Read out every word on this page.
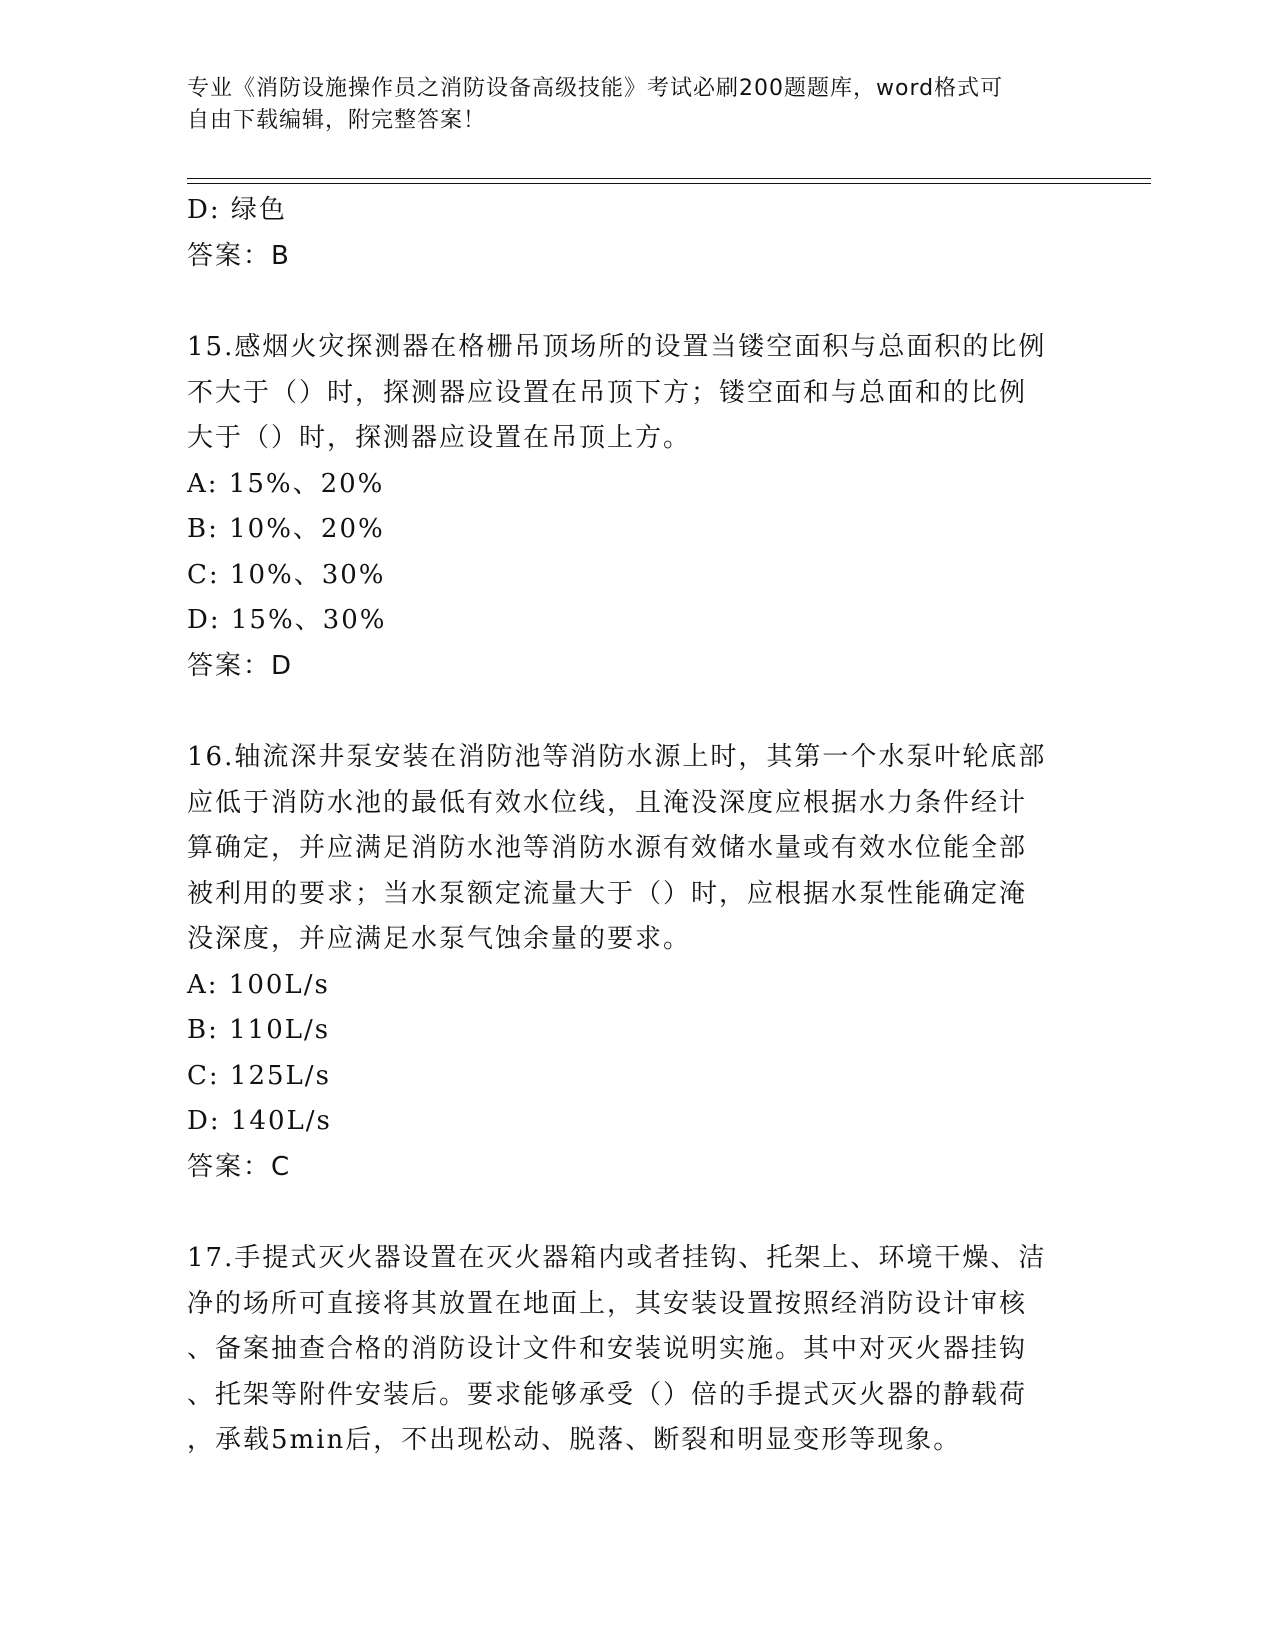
专业《消防设施操作员之消防设备高级技能》考试必刷200题题库，word格式可
自由下载编辑，附完整答案！
D: 绿色
答案：B
15.感烟火灾探测器在格栅吊顶场所的设置当镂空面积与总面积的比例
不大于（）时，探测器应设置在吊顶下方；镂空面和与总面和的比例
大于（）时，探测器应设置在吊顶上方。
A: 15%、20%
B: 10%、20%
C: 10%、30%
D: 15%、30%
答案：D
16.轴流深井泵安装在消防池等消防水源上时，其第一个水泵叶轮底部
应低于消防水池的最低有效水位线，且淹没深度应根据水力条件经计
算确定，并应满足消防水池等消防水源有效储水量或有效水位能全部
被利用的要求；当水泵额定流量大于（）时，应根据水泵性能确定淹
没深度，并应满足水泵气蚀余量的要求。
A: 100L/s
B: 110L/s
C: 125L/s
D: 140L/s
答案：C
17.手提式灭火器设置在灭火器箱内或者挂钩、托架上、环境干燥、洁
净的场所可直接将其放置在地面上，其安装设置按照经消防设计审核
、备案抽查合格的消防设计文件和安装说明实施。其中对灭火器挂钩
、托架等附件安装后。要求能够承受（）倍的手提式灭火器的静载荷
，承载5min后，不出现松动、脱落、断裂和明显变形等现象。
